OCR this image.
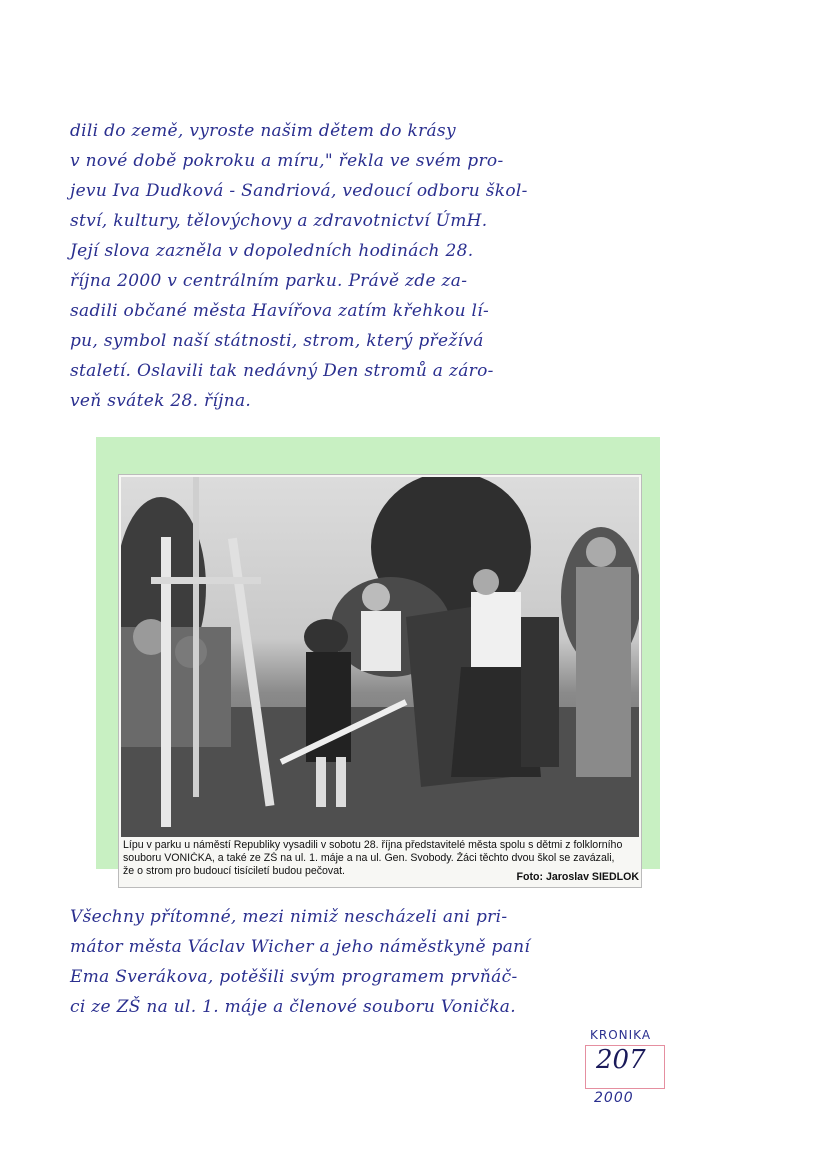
dili do země, vyroste našim dětem do krásy
v nové době pokroku a míru," řekla ve svém pro-
jevu Iva Dudková - Sandriová, vedoucí odboru škol-
ství, kultury, tělovýchovy a zdravotnictví ÚmH.
Její slova zazněla v dopoledních hodinách 28.
října 2000 v centrálním parku. Právě zde za-
sadili občané města Havířova zatím křehkou lí-
pu, symbol naší státnosti, strom, který přežívá
staletí. Oslavili tak nedávný Den stromů a záro-
veň svátek 28. října.
Lípu v parku u náměstí Republiky vysadili v sobotu 28. října představitelé města spolu s dětmi z folklorního
souboru VONIČKA, a také ze ZŠ na ul. 1. máje a na ul. Gen. Svobody. Žáci těchto dvou škol se zavázali,
že o strom pro budoucí tisíciletí budou pečovat.	Foto: Jaroslav SIEDLOK
Všechny přítomné, mezi nimiž nescházeli ani pri-
mátor města Václav Wicher a jeho náměstkyně paní
Ema Sverákova, potěšili svým programem prvňáč-
ci ze ZŠ na ul. 1. máje a členové souboru Vonička.
KRONIKA
207
2000
